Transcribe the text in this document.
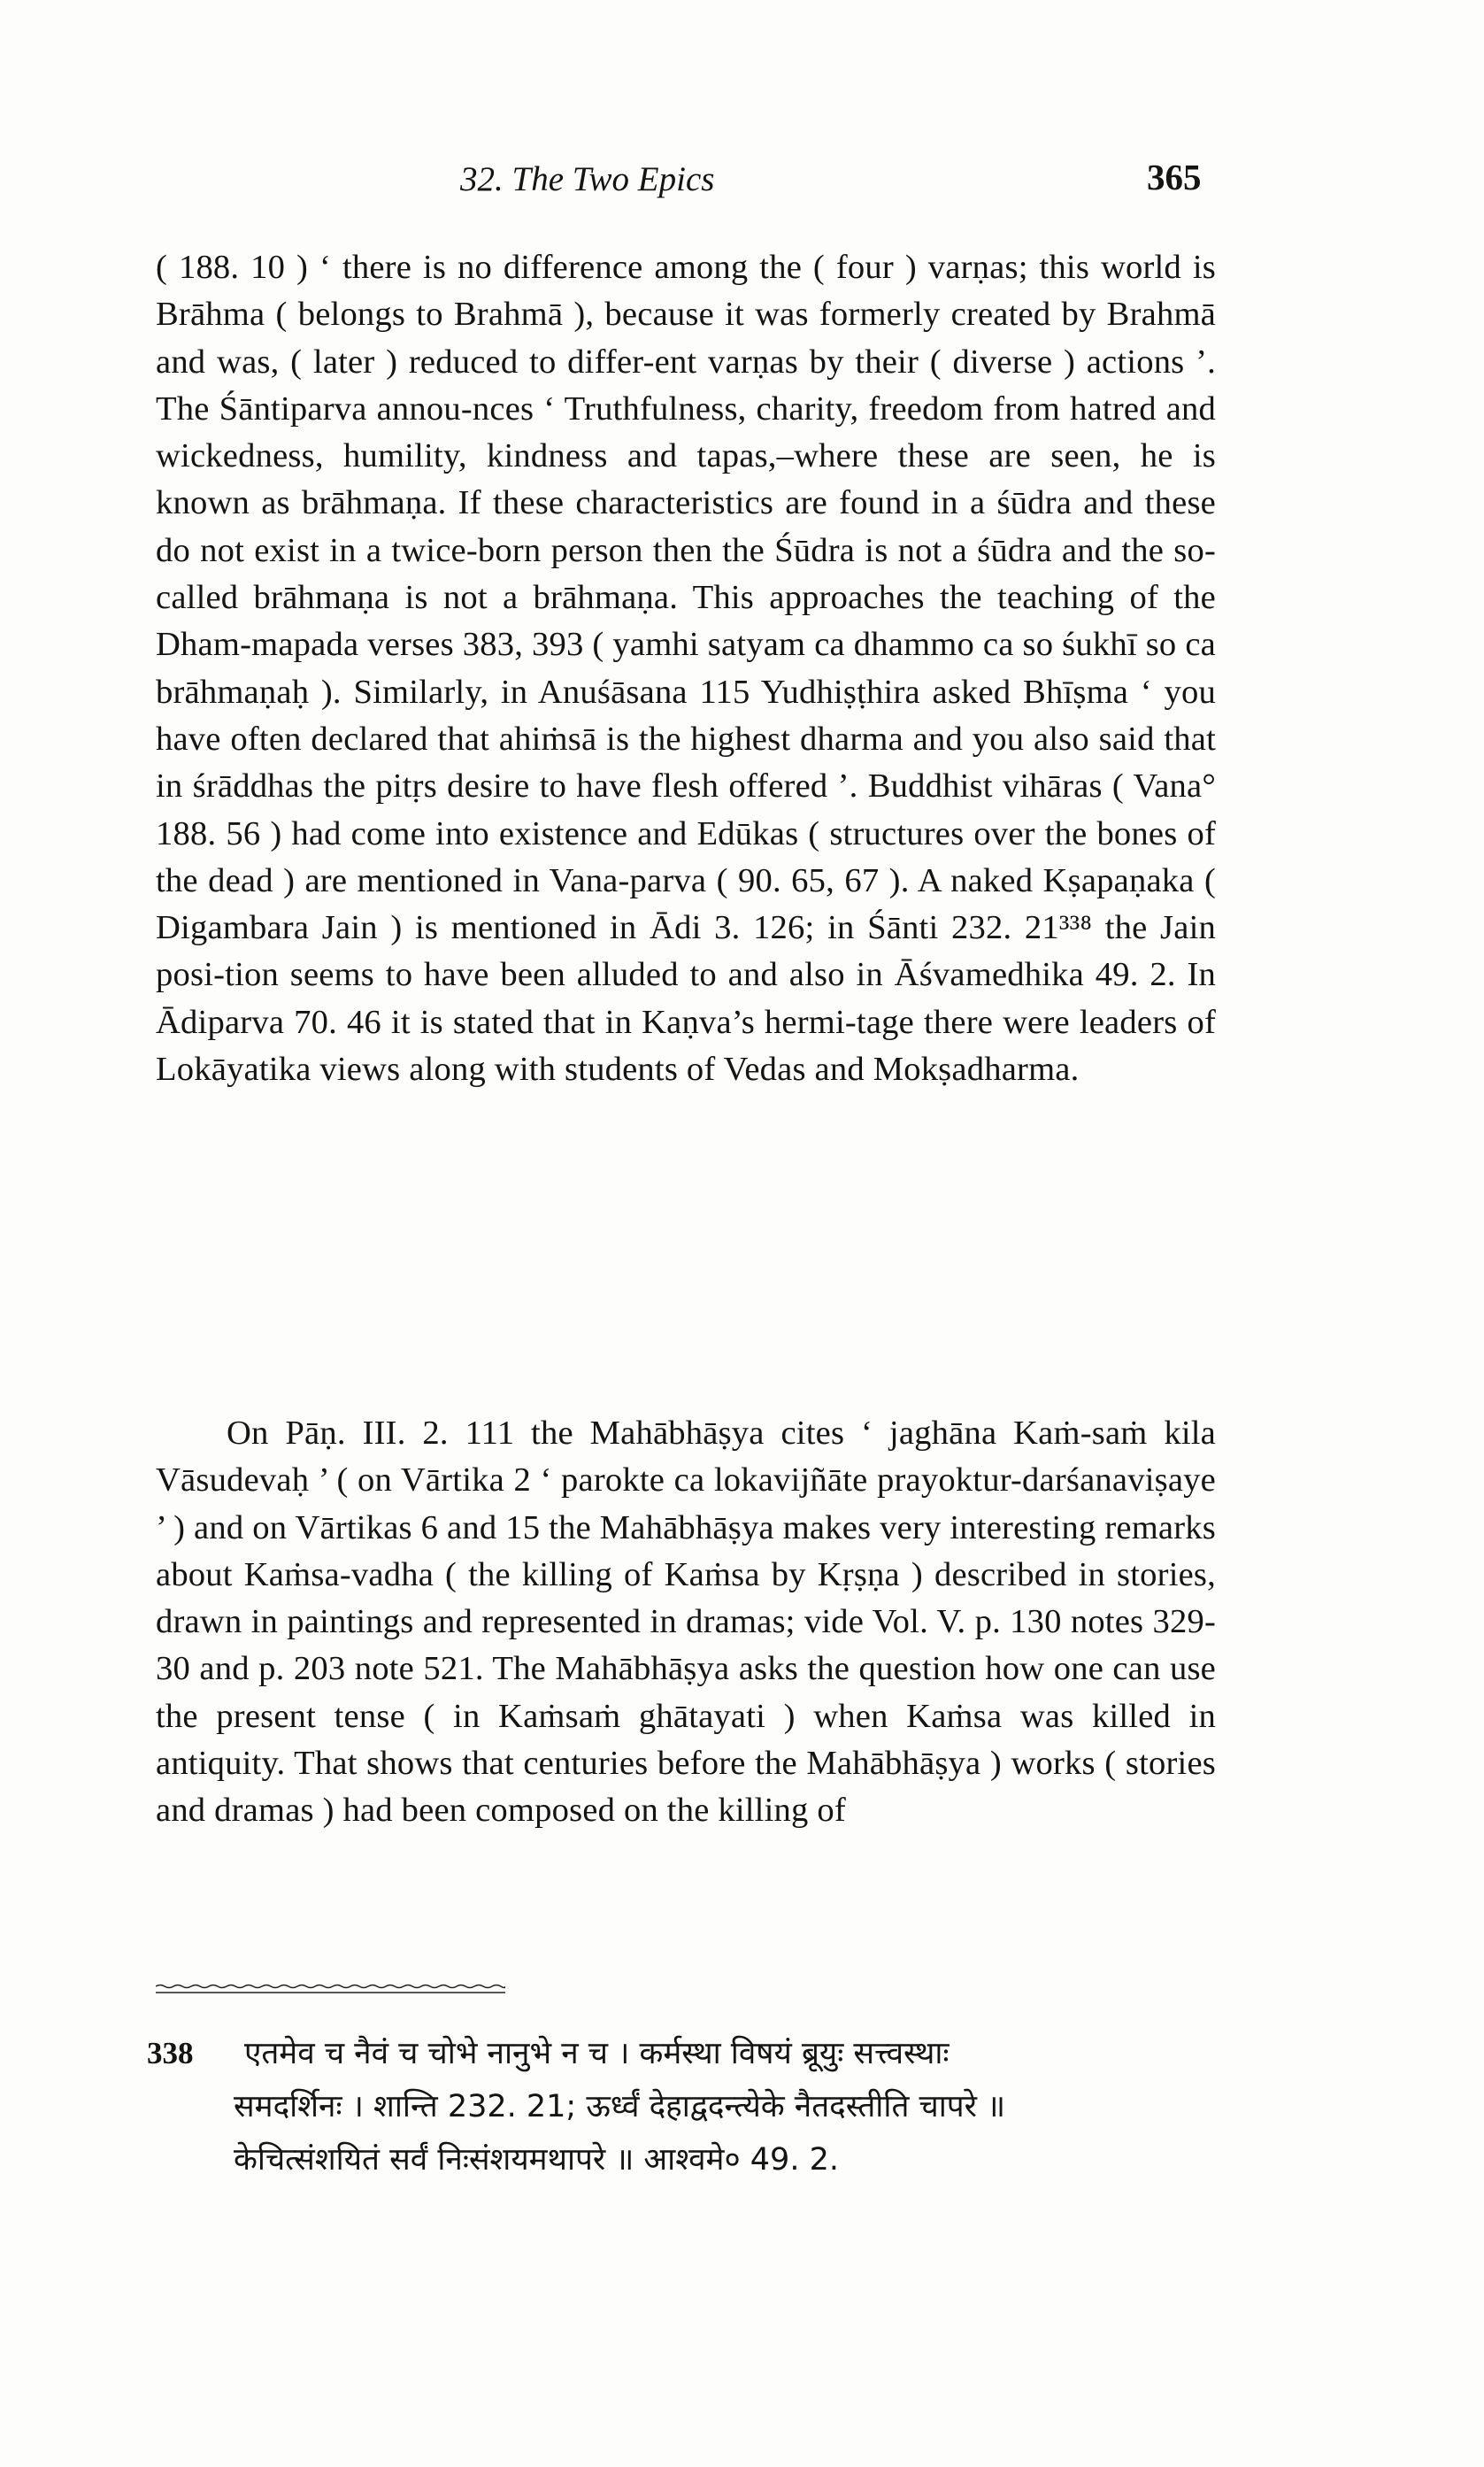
32. The Two Epics	365

( 188. 10 ) ‘ there is no difference among the ( four ) varṇas; this world is Brāhma ( belongs to Brahmā ), because it was formerly created by Brahmā and was, ( later ) reduced to differ-​ent varṇas by their ( diverse ) actions ’. The Śāntiparva annou-​nces ‘ Truthfulness, charity, freedom from hatred and wickedness, humility, kindness and tapas,–where these are seen, he is known as brāhmaṇa. If these characteristics are found in a śūdra and these do not exist in a twice-born person then the Śūdra is not a śūdra and the so-called brāhmaṇa is not a brāhmaṇa. This approaches the teaching of the Dham-​mapada verses 383, 393 ( yamhi satyam ca dhammo ca so śukhī so ca brāhmaṇaḥ ). Similarly, in Anuśāsana 115 Yudhiṣṭhira asked Bhīṣma ‘ you have often declared that ahiṁsā is the highest dharma and you also said that in śrāddhas the pitṛs desire to have flesh offered ’. Buddhist vihāras ( Vana° 188. 56 ) had come into existence and Edūkas ( structures over the bones of the dead ) are mentioned in Vana-​parva ( 90. 65, 67 ). A naked Kṣapaṇaka ( Digambara Jain ) is mentioned in Ādi 3. 126; in Śānti 232. 21³³⁸ the Jain posi-​tion seems to have been alluded to and also in Āśvamedhika 49. 2. In Ādiparva 70. 46 it is stated that in Kaṇva’s hermi-​tage there were leaders of Lokāyatika views along with students of Vedas and Mokṣadharma.

On Pāṇ. III. 2. 111 the Mahābhāṣya cites ‘ jaghāna Kaṁ-​saṁ kila Vāsudevaḥ ’ ( on Vārtika 2 ‘ parokte ca lokavijñāte prayoktur-darśanaviṣaye ’ ) and on Vārtikas 6 and 15 the Mahābhāṣya makes very interesting remarks about Kaṁsa-​vadha ( the killing of Kaṁsa by Kṛṣṇa ) described in stories, drawn in paintings and represented in dramas; vide Vol. V. p. 130 notes 329-30 and p. 203 note 521. The Mahābhāṣya asks the question how one can use the present tense ( in Kaṁsaṁ ghātayati ) when Kaṁsa was killed in antiquity. That shows that centuries before the Mahābhāṣya ) works ( stories and dramas ) had been composed on the killing of

338 एतमेव च नैवं च चोभे नानुभे न च । कर्मस्था विषयं ब्रूयुः सत्त्वस्थाः
समदर्शिनः । शान्ति 232. 21; ऊर्ध्वं देहाद्वदन्त्येके नैतदस्तीति चापरे ॥
केचित्संशयितं सर्वं निःसंशयमथापरे ॥ आश्वमे० 49. 2.
